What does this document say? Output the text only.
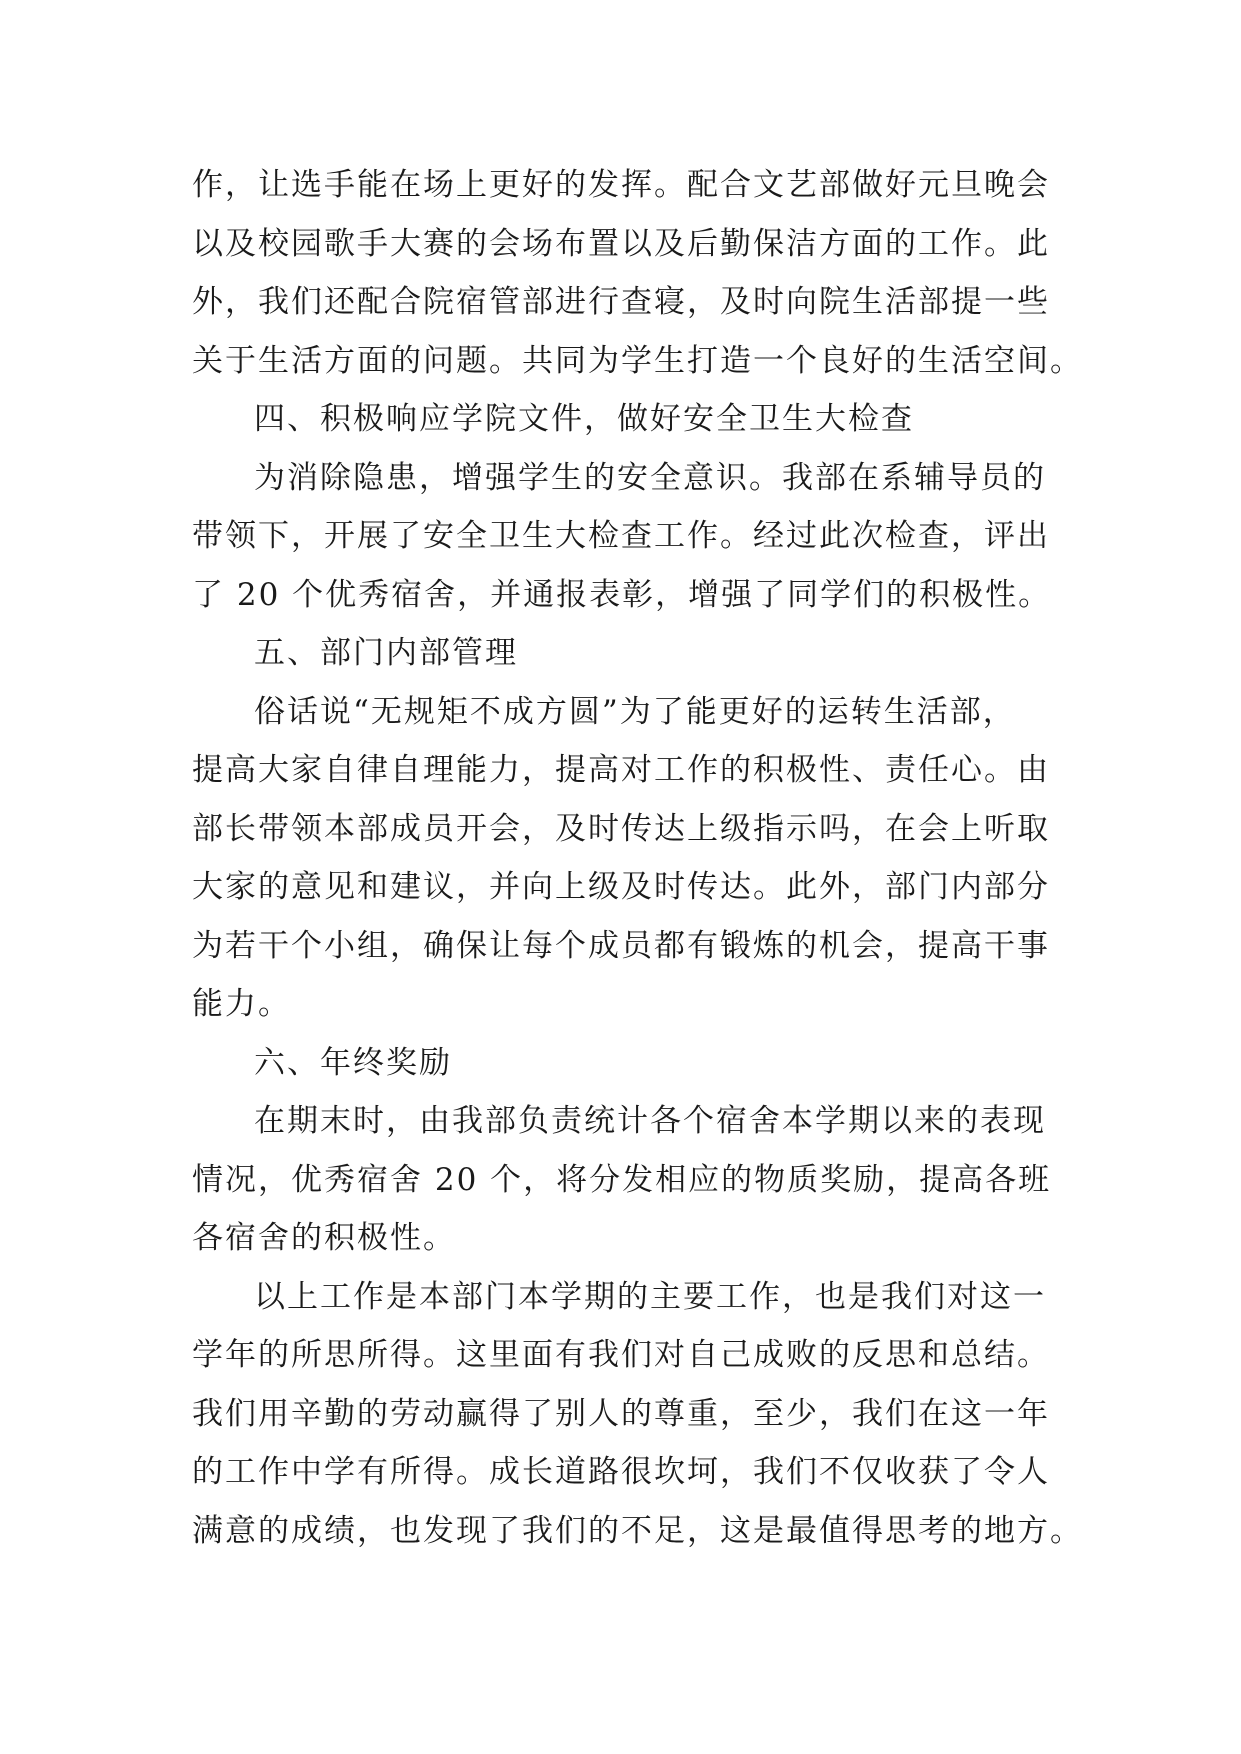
作，让选手能在场上更好的发挥。配合文艺部做好元旦晚会
以及校园歌手大赛的会场布置以及后勤保洁方面的工作。此
外，我们还配合院宿管部进行查寝，及时向院生活部提一些
关于生活方面的问题。共同为学生打造一个良好的生活空间。
四、积极响应学院文件，做好安全卫生大检查
为消除隐患，增强学生的安全意识。我部在系辅导员的
带领下，开展了安全卫生大检查工作。经过此次检查，评出
了 20 个优秀宿舍，并通报表彰，增强了同学们的积极性。
五、部门内部管理
俗话说“无规矩不成方圆”为了能更好的运转生活部，
提高大家自律自理能力，提高对工作的积极性、责任心。由
部长带领本部成员开会，及时传达上级指示吗，在会上听取
大家的意见和建议，并向上级及时传达。此外，部门内部分
为若干个小组，确保让每个成员都有锻炼的机会，提高干事
能力。
六、年终奖励
在期末时，由我部负责统计各个宿舍本学期以来的表现
情况，优秀宿舍 20 个，将分发相应的物质奖励，提高各班
各宿舍的积极性。
以上工作是本部门本学期的主要工作，也是我们对这一
学年的所思所得。这里面有我们对自己成败的反思和总结。
我们用辛勤的劳动赢得了别人的尊重，至少，我们在这一年
的工作中学有所得。成长道路很坎坷，我们不仅收获了令人
满意的成绩，也发现了我们的不足，这是最值得思考的地方。
